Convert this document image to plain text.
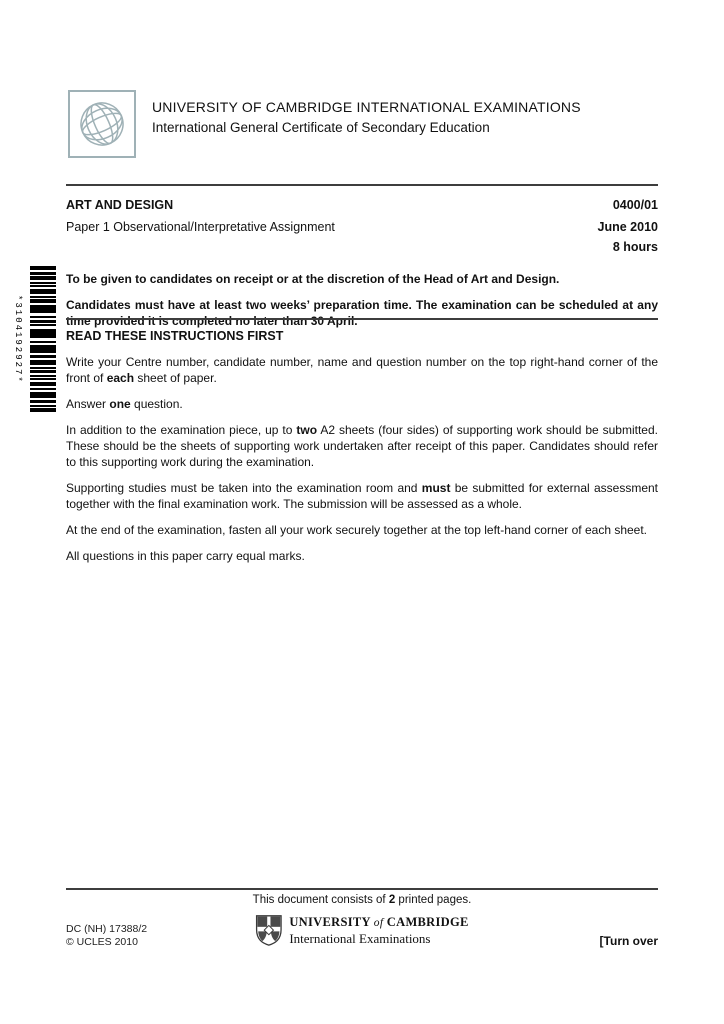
UNIVERSITY OF CAMBRIDGE INTERNATIONAL EXAMINATIONS
International General Certificate of Secondary Education
ART AND DESIGN	0400/01
Paper 1 Observational/Interpretative Assignment	June 2010
8 hours

To be given to candidates on receipt or at the discretion of the Head of Art and Design.

Candidates must have at least two weeks’ preparation time. The examination can be scheduled at any time provided it is completed no later than 30 April.

READ THESE INSTRUCTIONS FIRST

Write your Centre number, candidate number, name and question number on the top right-hand corner of the front of each sheet of paper.

Answer one question.

In addition to the examination piece, up to two A2 sheets (four sides) of supporting work should be submitted. These should be the sheets of supporting work undertaken after receipt of this paper. Candidates should refer to this supporting work during the examination.

Supporting studies must be taken into the examination room and must be submitted for external assessment together with the final examination work. The submission will be assessed as a whole.

At the end of the examination, fasten all your work securely together at the top left-hand corner of each sheet.

All questions in this paper carry equal marks.

*3104192927*
This document consists of 2 printed pages.
DC (NH) 17388/2
© UCLES 2010
UNIVERSITY of CAMBRIDGE
International Examinations	[Turn over
